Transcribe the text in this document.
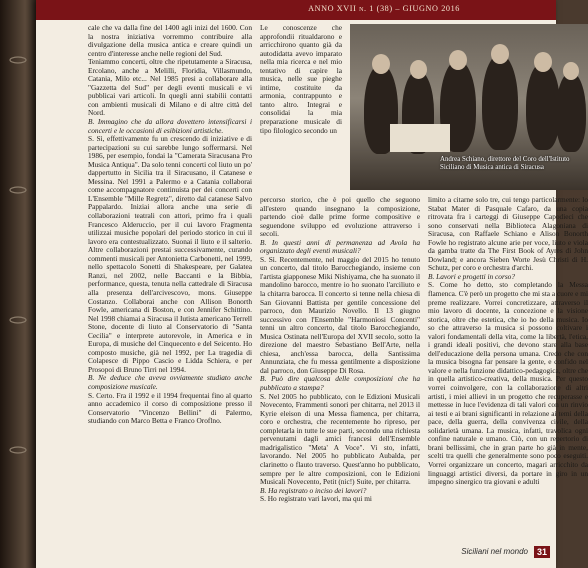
ANNO XVII n. 1 (38) – GIUGNO 2016

cale che va dalla fine del 1400 agli inizi del 1600. Con la nostra iniziativa vorremmo contribuire alla divulgazione della musica antica e creare quindi un centro d'interesse anche nelle regioni del Sud.

Teniammo concerti, oltre che ripetutamente a Siracusa, Ercolano, anche a Melilli, Floridia, Villasmundo, Catania, Milo etc... Nel 1985 presi a collaborare alla "Gazzetta del Sud" per degli eventi musicali e vi pubblicai vari articoli. In quegli anni stabilii contatti con ambienti musicali di Milano e di altre città del Nord.

B. Immagino che da allora dovettero intensificarsi i concerti e le occasioni di esibizioni artistiche.

S. Sì, effettivamente fu un crescendo di iniziative e di partecipazioni su cui sarebbe lungo soffermarsi. Nel 1986, per esempio, fondai la "Camerata Siracusana Pro Musica Antiqua". Da solo tenni concerti col liuto un po' dappertutto in Sicilia tra il Siracusano, il Catanese e Messina. Nel 1991 a Palermo e a Catania collaborai come accompagnatore continuista per dei concerti con L'Ensemble "Mille Regretz", diretto dal catanese Salvo Pappalardo. Iniziai allora anche una serie di collaborazioni teatrali con attori, primo fra i quali Francesco Alderuccio, per il cui lavoro Fragmenta utilizzai musiche popolari del periodo storico in cui il lavoro era contestualizzato. Suonai il liuto e il salterio. Altre collaborazioni prestai successivamente, curando commenti musicali per Antonietta Carbonetti, nel 1999, nello spettacolo Sonetti di Shakespeare, per Galatea Ranzi, nel 2002, nelle Baccanti e la Bibbia, performance, questa, tenuta nella cattedrale di Siracusa alla presenza dell'arcivescovo, mons. Giuseppe Costanzo. Collaborai anche con Allison Bonorth Fowle, americana di Boston, e con Jennifer Schittino. Nel 1998 chiamai a Siracusa il Iutista americano Terrell Stone, docente di liuto al Conservatorio di "Santa Cecilia" e interprete autorevole, in America e in Europa, di musiche del Cinquecento e del Seicento. Ho composto musiche, già nel 1992, per La tragedia di Colapesce di Pippo Cascio e Lidda Schiera, e per Prosopoi di Bruno Tirri nel 1994.

B. Ne deduce che aveva ovviamente studiato anche composizione musicale.

S. Certo. Fra il 1992 e il 1994 frequentai fino al quarto anno accademico il corso di composizione presso il Conservatorio "Vincenzo Bellini" di Palermo, studiando con Marco Betta e Franco Oroflno.

Le conoscenze che approfondii ritualdarono e arricchirono quanto già da autodidatta avevo imparato nella mia ricerca e nel mio tentativo di capire la musica, nelle sue pieghe intime, costituite da armonia, contrappunto e tanto altro. Integrai e consolidai la mia preparazione musicale di tipo filologico secondo un

Andrea Schiano, direttore del Coro dell'Istituto Siciliano di Musica antica di Siracusa

percorso storico, che è poi quello che seguono all'estero quando insegnano la composizione, partendo cioè dalle prime forme compositive e seguendone sviluppo ed evoluzione attraverso i secoli.

B. In questi anni di permanenza ad Avola ha organizzato degli eventi musicali?

S. Sì. Recentemente, nel maggio del 2015 ho tenuto un concerto, dal titolo Barocchegiando, insieme con l'artista giapponese Miki Nishiyama, che ha suonato il mandolino barocco, mentre io ho suonato l'arciliuto e la chitarra barocca. Il concerto si tenne nella chiesa di San Giovanni Battista per gentile concessione del parroco, don Maurizio Novello. Il 13 giugno successivo con l'Ensemble "Harmonìosi Concenti" tenni un altro concerto, dal titolo Barocchegiando, Musica Ostinata nell'Europa del XVII secolo, sotto la direzione del maestro Sebastiano Bell'Arte, nella chiesa, anch'essa barocca, della Santissima Annunziata, che fu messa gentilmente a disposizione dal parroco, don Giuseppe Di Rosa.

B. Può dire qualcosa delle composizioni che ha pubblicato a stampa?

S. Nel 2005 ho pubblicato, con le Edizioni Musicali Novecento, Frammenti sonori per chitarra, nel 2013 il Kyrie eleison di una Messa fiamenca, per chitarra, coro e orchestra, che recentemente ho ripreso, per completarla in tutte le sue parti, secondo una richiesta pervenutami dagli amici francesi dell'Ensemble madrigalistico "Meta' A Voce". Vi sto, infatti, lavorando. Nel 2005 ho pubblicato Aubalda, per clarinetto o flauto traverso. Quest'anno ho pubblicato, sempre per le altre composizioni, con le Edizioni Musicali Novecento, Petit (nic!) Suite, per chitarra.

B. Ha registrato o inciso dei lavori?

S. Ho registrato vari lavori, ma qui mi

limito a citarne solo tre, cui tengo particolarmente: lo Stabat Mater di Pasquale Cafaro, da una copia ritrovata fra i carteggi di Giuseppe Capodieci che sono conservati nella Biblioteca Alagoniana di Siracusa, con Raffaele Schiano e Alison Bonorth Fowle ho registrato alcune arie per voce, liuto e viola da gamba tratte da The First Book of Ayres di John Dowland; e ancora Sieben Worte Jesù Christi di H. Schutz, per coro e orchestra d'archi.

B. Lavori e progetti in corso?

S. Come ho detto, sto completando la Messa flamenca. C'è però un progetto che mi sta a cuore e mi preme realizzare. Vorrei concretizzare, attraverso il mio lavoro di docente, la concezione e la visione storica, oltre che estetica, che io ho della musica. Io so che attraverso la musica si possono coltivare i valori fondamentali della vita, come la libertà, l'etica, i grandi ideali positivi, che devono stare alla base dell'educazione della persona umana. Credo che con la musica bisogna far pensare la gente, e confido nel valore e nella funzione didattico-pedagogica, oltre che in quella artistico-creativa, della musica. Per questo vorrei coinvolgere, con la collaborazione di altri artisti, i miei allievi in un progetto che recuperasse e mettesse in luce l'evidenza di tali valori con un rinvio ai testi e ai brani significanti in relazione ai temi della pace, della guerra, della convivenza civile, della solidarietà umana. La musica, infatti, travolica ogni confine naturale e umano. Ciò, con un repertorio di brani bellissimi, che in gran parte ho già in mente, scelti tra quelli che generalmente sono poco eseguiti. Vorrei organizzare un concerto, magari arricchito da linguaggi artistici diversi, da portare in giro in un impegno sinergico tra giovani e adulti

Siciliani nel mondo 31
